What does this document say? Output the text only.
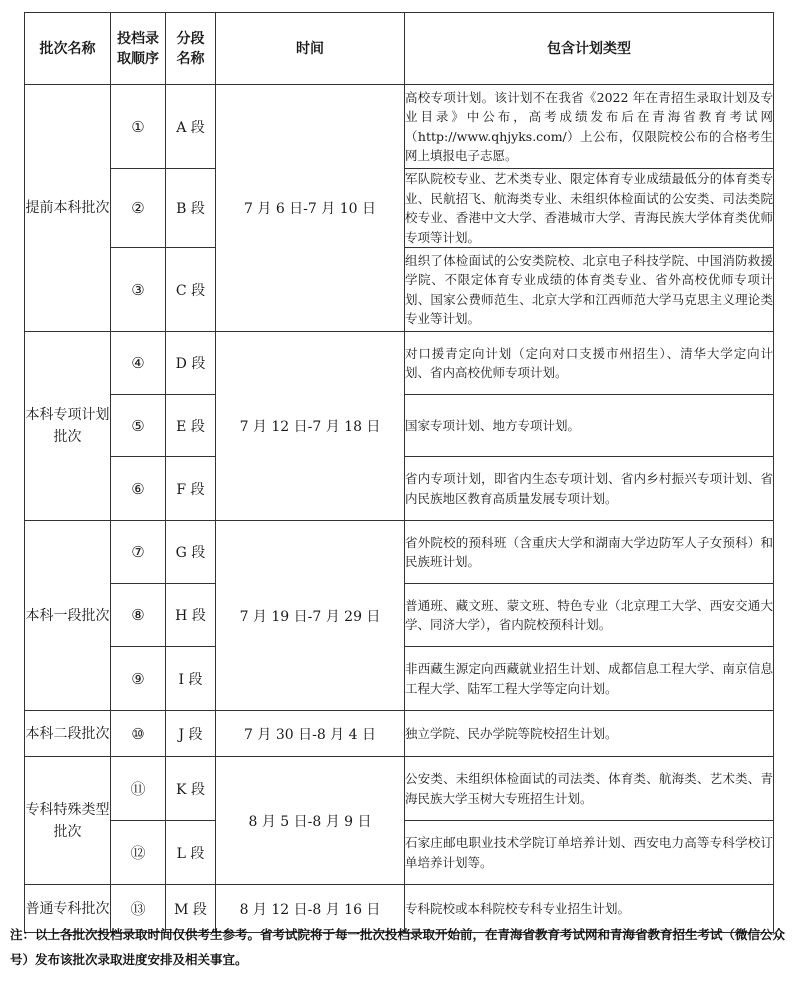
批次名称	投档录取顺序	分段名称	时间	包含计划类型
提前本科批次	①	A 段	7 月 6 日-7 月 10 日	高校专项计划。该计划不在我省《2022 年在青招生录取计划及专业目录》中公布，高考成绩发布后在青海省教育考试网（http://www.qhjyks.com/）上公布，仅限院校公布的合格考生网上填报电子志愿。
	②	B 段		军队院校专业、艺术类专业、限定体育专业成绩最低分的体育类专业、民航招飞、航海类专业、未组织体检面试的公安类、司法类院校专业、香港中文大学、香港城市大学、青海民族大学体育类优师专项等计划。
	③	C 段		组织了体检面试的公安类院校、北京电子科技学院、中国消防救援学院、不限定体育专业成绩的体育类专业、省外高校优师专项计划、国家公费师范生、北京大学和江西师范大学马克思主义理论类专业等计划。
本科专项计划批次	④	D 段	7 月 12 日-7 月 18 日	对口援青定向计划（定向对口支援市州招生）、清华大学定向计划、省内高校优师专项计划。
	⑤	E 段		国家专项计划、地方专项计划。
	⑥	F 段		省内专项计划，即省内生态专项计划、省内乡村振兴专项计划、省内民族地区教育高质量发展专项计划。
本科一段批次	⑦	G 段	7 月 19 日-7 月 29 日	省外院校的预科班（含重庆大学和湖南大学边防军人子女预科）和民族班计划。
	⑧	H 段		普通班、藏文班、蒙文班、特色专业（北京理工大学、西安交通大学、同济大学），省内院校预科计划。
	⑨	I 段		非西藏生源定向西藏就业招生计划、成都信息工程大学、南京信息工程大学、陆军工程大学等定向计划。
本科二段批次	⑩	J 段	7 月 30 日-8 月 4 日	独立学院、民办学院等院校招生计划。
专科特殊类型批次	⑪	K 段	8 月 5 日-8 月 9 日	公安类、未组织体检面试的司法类、体育类、航海类、艺术类、青海民族大学玉树大专班招生计划。
	⑫	L 段		石家庄邮电职业技术学院订单培养计划、西安电力高等专科学校订单培养计划等。
普通专科批次	⑬	M 段	8 月 12 日-8 月 16 日	专科院校或本科院校专科专业招生计划。
注：以上各批次投档录取时间仅供考生参考。省考试院将于每一批次投档录取开始前，在青海省教育考试网和青海省教育招生考试（微信公众号）发布该批次录取进度安排及相关事宜。
